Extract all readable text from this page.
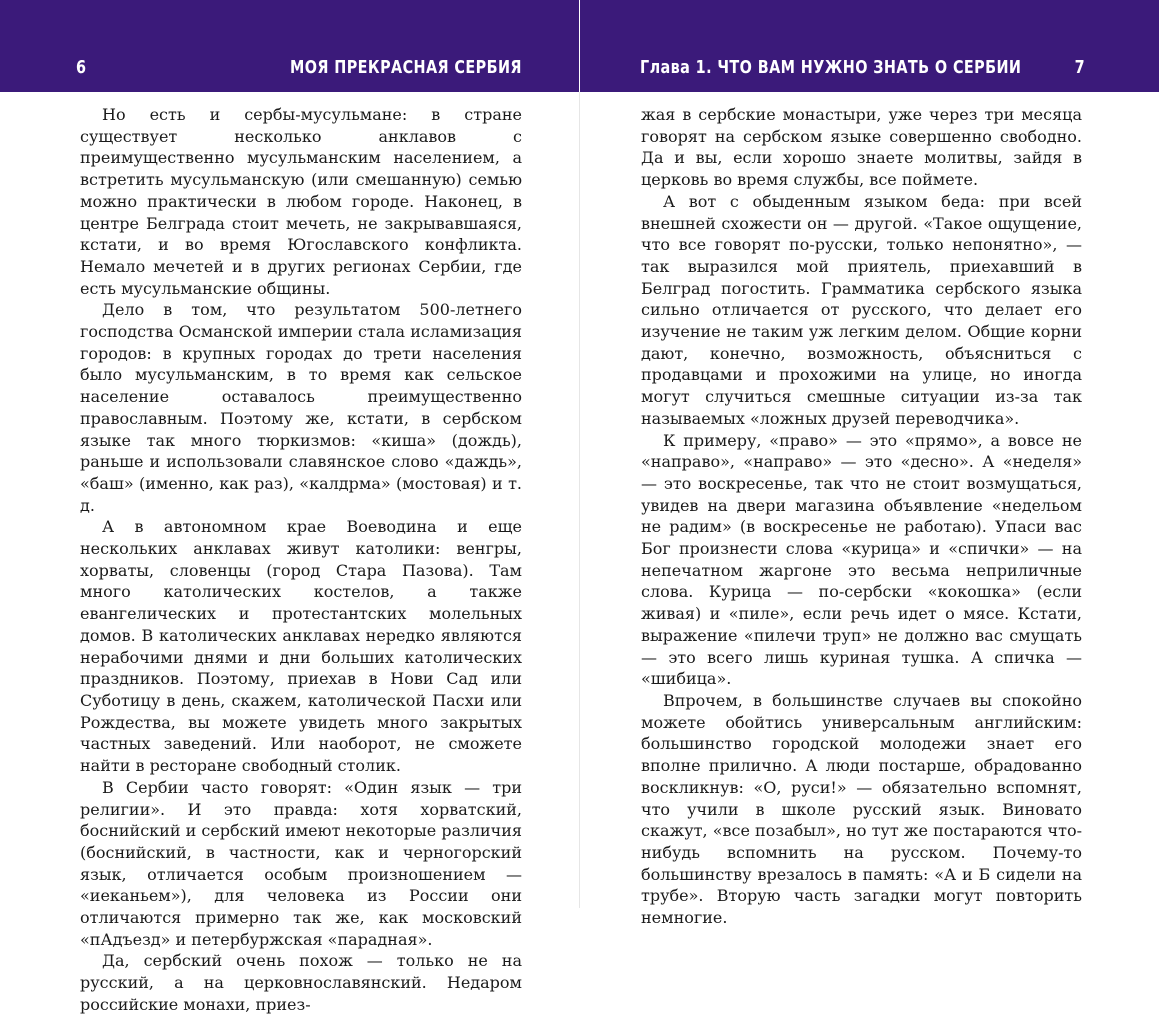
6	МОЯ ПРЕКРАСНАЯ СЕРБИЯ

Но есть и сербы-мусульмане: в стране существует несколько анклавов с преимущественно мусульманским населением, а встретить мусульманскую (или смешанную) семью можно практически в любом городе. Наконец, в центре Белграда стоит мечеть, не закрывавшаяся, кстати, и во время Югославского конфликта. Немало мечетей и в других регионах Сербии, где есть мусульманские общины.

Дело в том, что результатом 500-летнего господства Османской империи стала исламизация городов: в крупных городах до трети населения было мусульманским, в то время как сельское население оставалось преимущественно православным. Поэтому же, кстати, в сербском языке так много тюркизмов: «киша» (дождь), раньше и использовали славянское слово «даждь», «баш» (именно, как раз), «калдрма» (мостовая) и т. д.

А в автономном крае Воеводина и еще нескольких анклавах живут католики: венгры, хорваты, словенцы (город Стара Пазова). Там много католических костелов, а также евангелических и протестантских молельных домов. В католических анклавах нередко являются нерабочими днями и дни больших католических праздников. Поэтому, приехав в Нови Сад или Суботицу в день, скажем, католической Пасхи или Рождества, вы можете увидеть много закрытых частных заведений. Или наоборот, не сможете найти в ресторане свободный столик.

В Сербии часто говорят: «Один язык — три религии». И это правда: хотя хорватский, боснийский и сербский имеют некоторые различия (боснийский, в частности, как и черногорский язык, отличается особым произношением — «иеканьем»), для человека из России они отличаются примерно так же, как московский «пАдъезд» и петербуржская «парадная».

Да, сербский очень похож — только не на русский, а на церковнославянский. Недаром российские монахи, приез-

Глава 1. ЧТО ВАМ НУЖНО ЗНАТЬ О СЕРБИИ	7

жая в сербские монастыри, уже через три месяца говорят на сербском языке совершенно свободно. Да и вы, если хорошо знаете молитвы, зайдя в церковь во время службы, все поймете.

А вот с обыденным языком беда: при всей внешней схожести он — другой. «Такое ощущение, что все говорят по-русски, только непонятно», — так выразился мой приятель, приехавший в Белград погостить. Грамматика сербского языка сильно отличается от русского, что делает его изучение не таким уж легким делом. Общие корни дают, конечно, возможность, объясниться с продавцами и прохожими на улице, но иногда могут случиться смешные ситуации из-за так называемых «ложных друзей переводчика».

К примеру, «право» — это «прямо», а вовсе не «направо», «направо» — это «десно». А «неделя» — это воскресенье, так что не стоит возмущаться, увидев на двери магазина объявление «недельом не радим» (в воскресенье не работаю). Упаси вас Бог произнести слова «курица» и «спички» — на непечатном жаргоне это весьма неприличные слова. Курица — по-сербски «кокошка» (если живая) и «пиле», если речь идет о мясе. Кстати, выражение «пилечи труп» не должно вас смущать — это всего лишь куриная тушка. А спичка — «шибица».

Впрочем, в большинстве случаев вы спокойно можете обойтись универсальным английским: большинство городской молодежи знает его вполне прилично. А люди постарше, обрадованно воскликнув: «О, руси!» — обязательно вспомнят, что учили в школе русский язык. Виновато скажут, «все позабыл», но тут же постараются что-нибудь вспомнить на русском. Почему-то большинству врезалось в память: «А и Б сидели на трубе». Вторую часть загадки могут повторить немногие.
